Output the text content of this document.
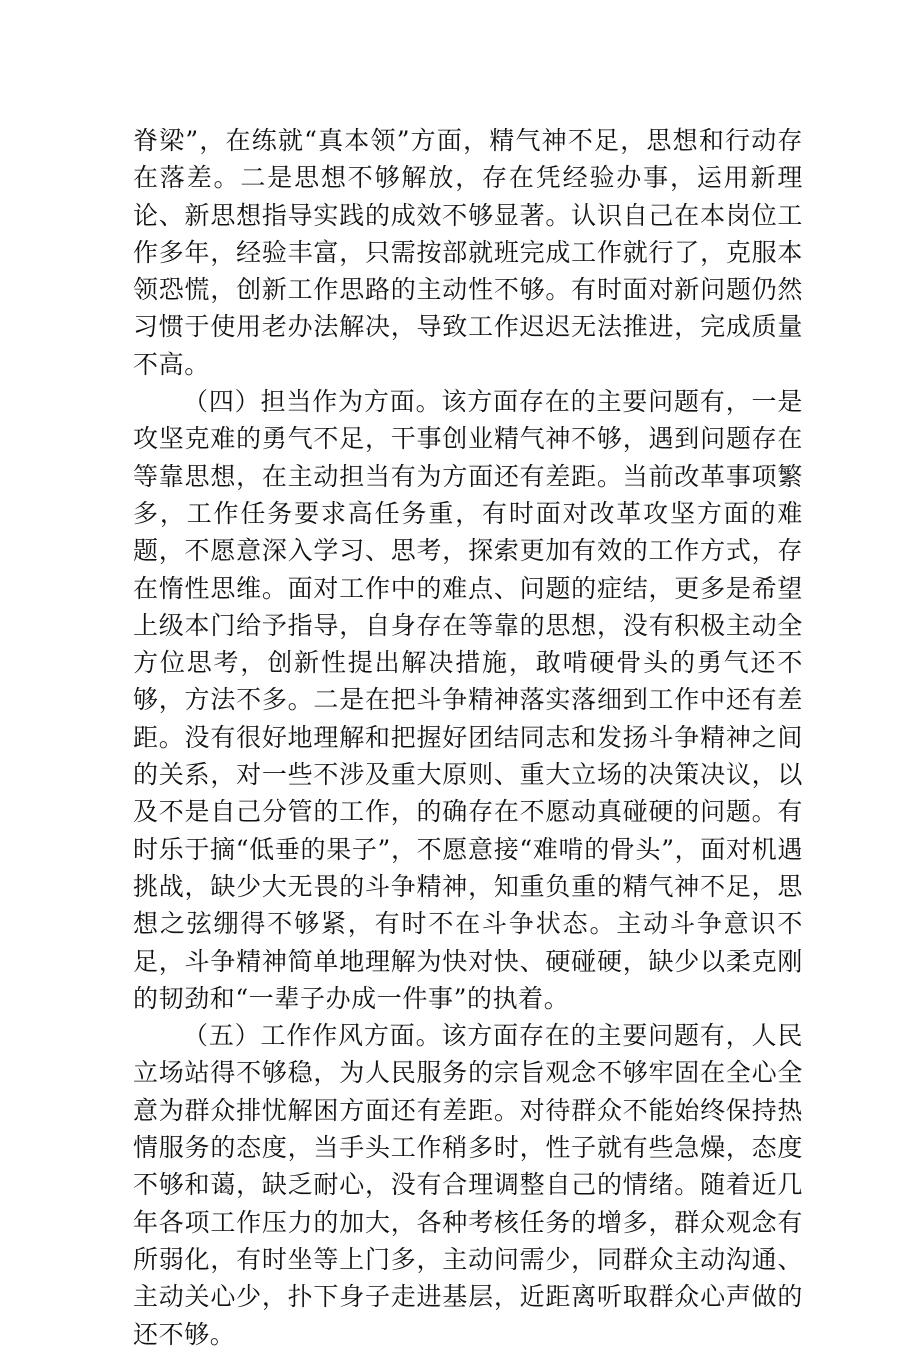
脊梁”，在练就“真本领”方面，精气神不足，思想和行动存在落差。二是思想不够解放，存在凭经验办事，运用新理论、新思想指导实践的成效不够显著。认识自己在本岗位工作多年，经验丰富，只需按部就班完成工作就行了，克服本领恐慌，创新工作思路的主动性不够。有时面对新问题仍然习惯于使用老办法解决，导致工作迟迟无法推进，完成质量不高。

（四）担当作为方面。该方面存在的主要问题有，一是攻坚克难的勇气不足，干事创业精气神不够，遇到问题存在等靠思想，在主动担当有为方面还有差距。当前改革事项繁多，工作任务要求高任务重，有时面对改革攻坚方面的难题，不愿意深入学习、思考，探索更加有效的工作方式，存在惰性思维。面对工作中的难点、问题的症结，更多是希望上级本门给予指导，自身存在等靠的思想，没有积极主动全方位思考，创新性提出解决措施，敢啃硬骨头的勇气还不够，方法不多。二是在把斗争精神落实落细到工作中还有差距。没有很好地理解和把握好团结同志和发扬斗争精神之间的关系，对一些不涉及重大原则、重大立场的决策决议，以及不是自己分管的工作，的确存在不愿动真碰硬的问题。有时乐于摘“低垂的果子”，不愿意接“难啃的骨头”，面对机遇挑战，缺少大无畏的斗争精神，知重负重的精气神不足，思想之弦绷得不够紧，有时不在斗争状态。主动斗争意识不足，斗争精神简单地理解为快对快、硬碰硬，缺少以柔克刚的韧劲和“一辈子办成一件事”的执着。

（五）工作作风方面。该方面存在的主要问题有，人民立场站得不够稳，为人民服务的宗旨观念不够牢固在全心全意为群众排忧解困方面还有差距。对待群众不能始终保持热情服务的态度，当手头工作稍多时，性子就有些急燥，态度不够和蔼，缺乏耐心，没有合理调整自己的情绪。随着近几年各项工作压力的加大，各种考核任务的增多，群众观念有所弱化，有时坐等上门多，主动问需少，同群众主动沟通、主动关心少，扑下身子走进基层，近距离听取群众心声做的还不够。
